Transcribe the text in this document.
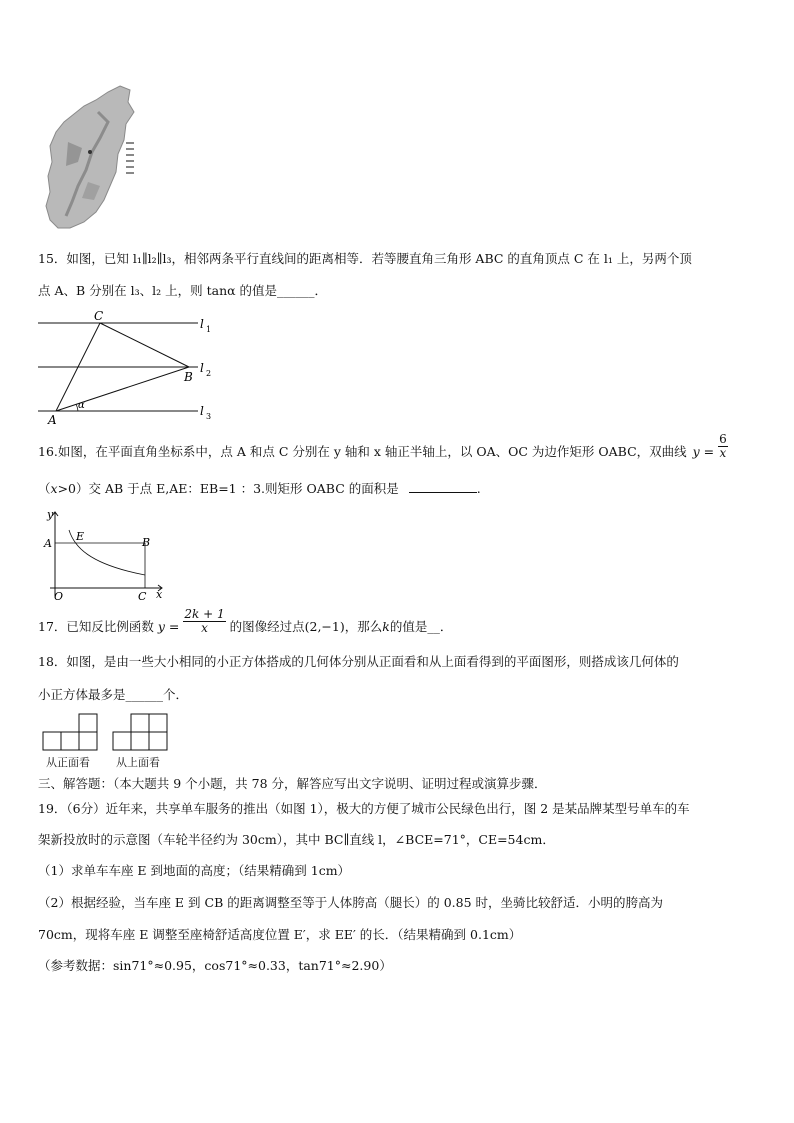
15．如图，已知 l₁∥l₂∥l₃，相邻两条平行直线间的距离相等．若等腰直角三角形 ABC 的直角顶点 C 在 l₁ 上，另两个顶
点 A、B 分别在 l₃、l₂ 上，则 tanα 的值是______．
C
B
A
α
l 1
l 2
l 3
16.如图，在平面直角坐标系中，点 A 和点 C 分别在 y 轴和 x 轴正半轴上，以 OA、OC 为边作矩形 OABC，双曲线 $y = \frac{6}{x}$
（x>0）交 AB 于点 E,AE：EB=1 ：3.则矩形 OABC 的面积是	.
y
x
A
E	B
O	C
17．已知反比例函数 $y = \frac{2k + 1}{x}$ 的图像经过点(2,−1)，那么k的值是__．
18．如图，是由一些大小相同的小正方体搭成的几何体分别从正面看和从上面看得到的平面图形，则搭成该几何体的
小正方体最多是______个．
从正面看 从上面看
三、解答题：（本大题共 9 个小题，共 78 分，解答应写出文字说明、证明过程或演算步骤．
19．（6分）近年来，共享单车服务的推出（如图 1），极大的方便了城市公民绿色出行，图 2 是某品牌某型号单车的车
架新投放时的示意图（车轮半径约为 30cm），其中 BC∥直线 l，∠BCE=71°，CE=54cm．
（1）求单车车座 E 到地面的高度；（结果精确到 1cm）
（2）根据经验，当车座 E 到 CB 的距离调整至等于人体胯高（腿长）的 0.85 时，坐骑比较舒适．小明的胯高为
70cm，现将车座 E 调整至座椅舒适高度位置 E′，求 EE′ 的长．（结果精确到 0.1cm）
（参考数据：sin71°≈0.95，cos71°≈0.33，tan71°≈2.90）
